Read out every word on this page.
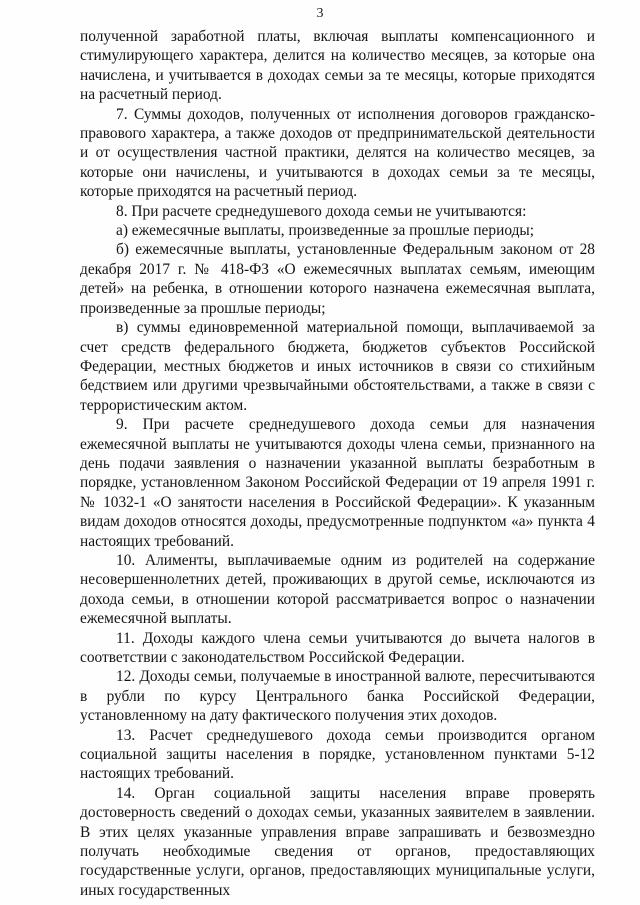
3

полученной заработной платы, включая выплаты компенсационного и стимулирующего характера, делится на количество месяцев, за которые она начислена, и учитывается в доходах семьи за те месяцы, которые приходятся на расчетный период.

7. Суммы доходов, полученных от исполнения договоров гражданско-правового характера, а также доходов от предпринимательской деятельности и от осуществления частной практики, делятся на количество месяцев, за которые они начислены, и учитываются в доходах семьи за те месяцы, которые приходятся на расчетный период.

8. При расчете среднедушевого дохода семьи не учитываются:

а) ежемесячные выплаты, произведенные за прошлые периоды;

б) ежемесячные выплаты, установленные Федеральным законом от 28 декабря 2017 г. № 418-ФЗ «О ежемесячных выплатах семьям, имеющим детей» на ребенка, в отношении которого назначена ежемесячная выплата, произведенные за прошлые периоды;

в) суммы единовременной материальной помощи, выплачиваемой за счет средств федерального бюджета, бюджетов субъектов Российской Федерации, местных бюджетов и иных источников в связи со стихийным бедствием или другими чрезвычайными обстоятельствами, а также в связи с террористическим актом.

9. При расчете среднедушевого дохода семьи для назначения ежемесячной выплаты не учитываются доходы члена семьи, признанного на день подачи заявления о назначении указанной выплаты безработным в порядке, установленном Законом Российской Федерации от 19 апреля 1991 г. № 1032-1 «О занятости населения в Российской Федерации». К указанным видам доходов относятся доходы, предусмотренные подпунктом «а» пункта 4 настоящих требований.

10. Алименты, выплачиваемые одним из родителей на содержание несовершеннолетних детей, проживающих в другой семье, исключаются из дохода семьи, в отношении которой рассматривается вопрос о назначении ежемесячной выплаты.

11. Доходы каждого члена семьи учитываются до вычета налогов в соответствии с законодательством Российской Федерации.

12. Доходы семьи, получаемые в иностранной валюте, пересчитываются в рубли по курсу Центрального банка Российской Федерации, установленному на дату фактического получения этих доходов.

13. Расчет среднедушевого дохода семьи производится органом социальной защиты населения в порядке, установленном пунктами 5-12 настоящих требований.

14. Орган социальной защиты населения вправе проверять достоверность сведений о доходах семьи, указанных заявителем в заявлении. В этих целях указанные управления вправе запрашивать и безвозмездно получать необходимые сведения от органов, предоставляющих государственные услуги, органов, предоставляющих муниципальные услуги, иных государственных
